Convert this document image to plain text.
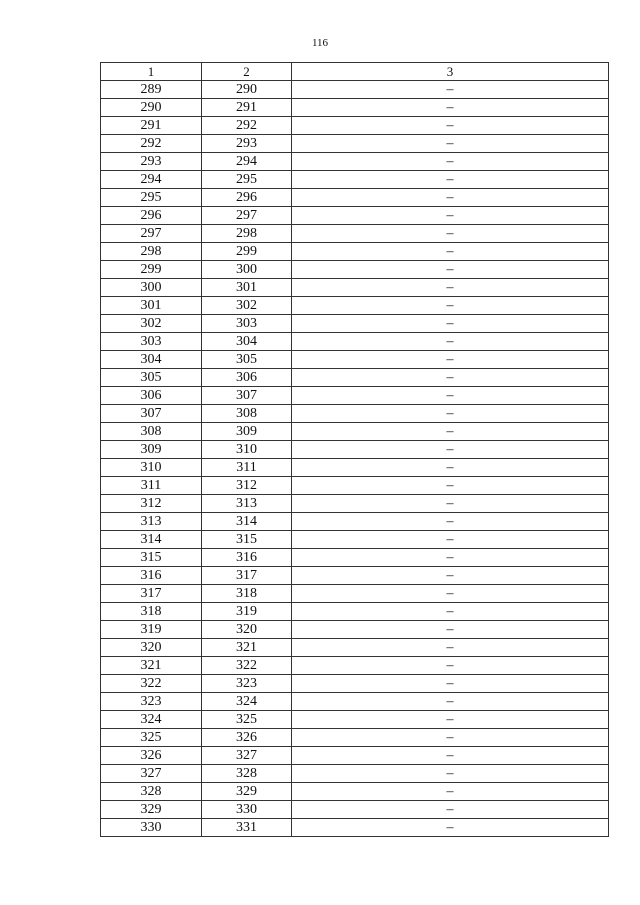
116
1	2	3
289	290	–
290	291	–
291	292	–
292	293	–
293	294	–
294	295	–
295	296	–
296	297	–
297	298	–
298	299	–
299	300	–
300	301	–
301	302	–
302	303	–
303	304	–
304	305	–
305	306	–
306	307	–
307	308	–
308	309	–
309	310	–
310	311	–
311	312	–
312	313	–
313	314	–
314	315	–
315	316	–
316	317	–
317	318	–
318	319	–
319	320	–
320	321	–
321	322	–
322	323	–
323	324	–
324	325	–
325	326	–
326	327	–
327	328	–
328	329	–
329	330	–
330	331	–
